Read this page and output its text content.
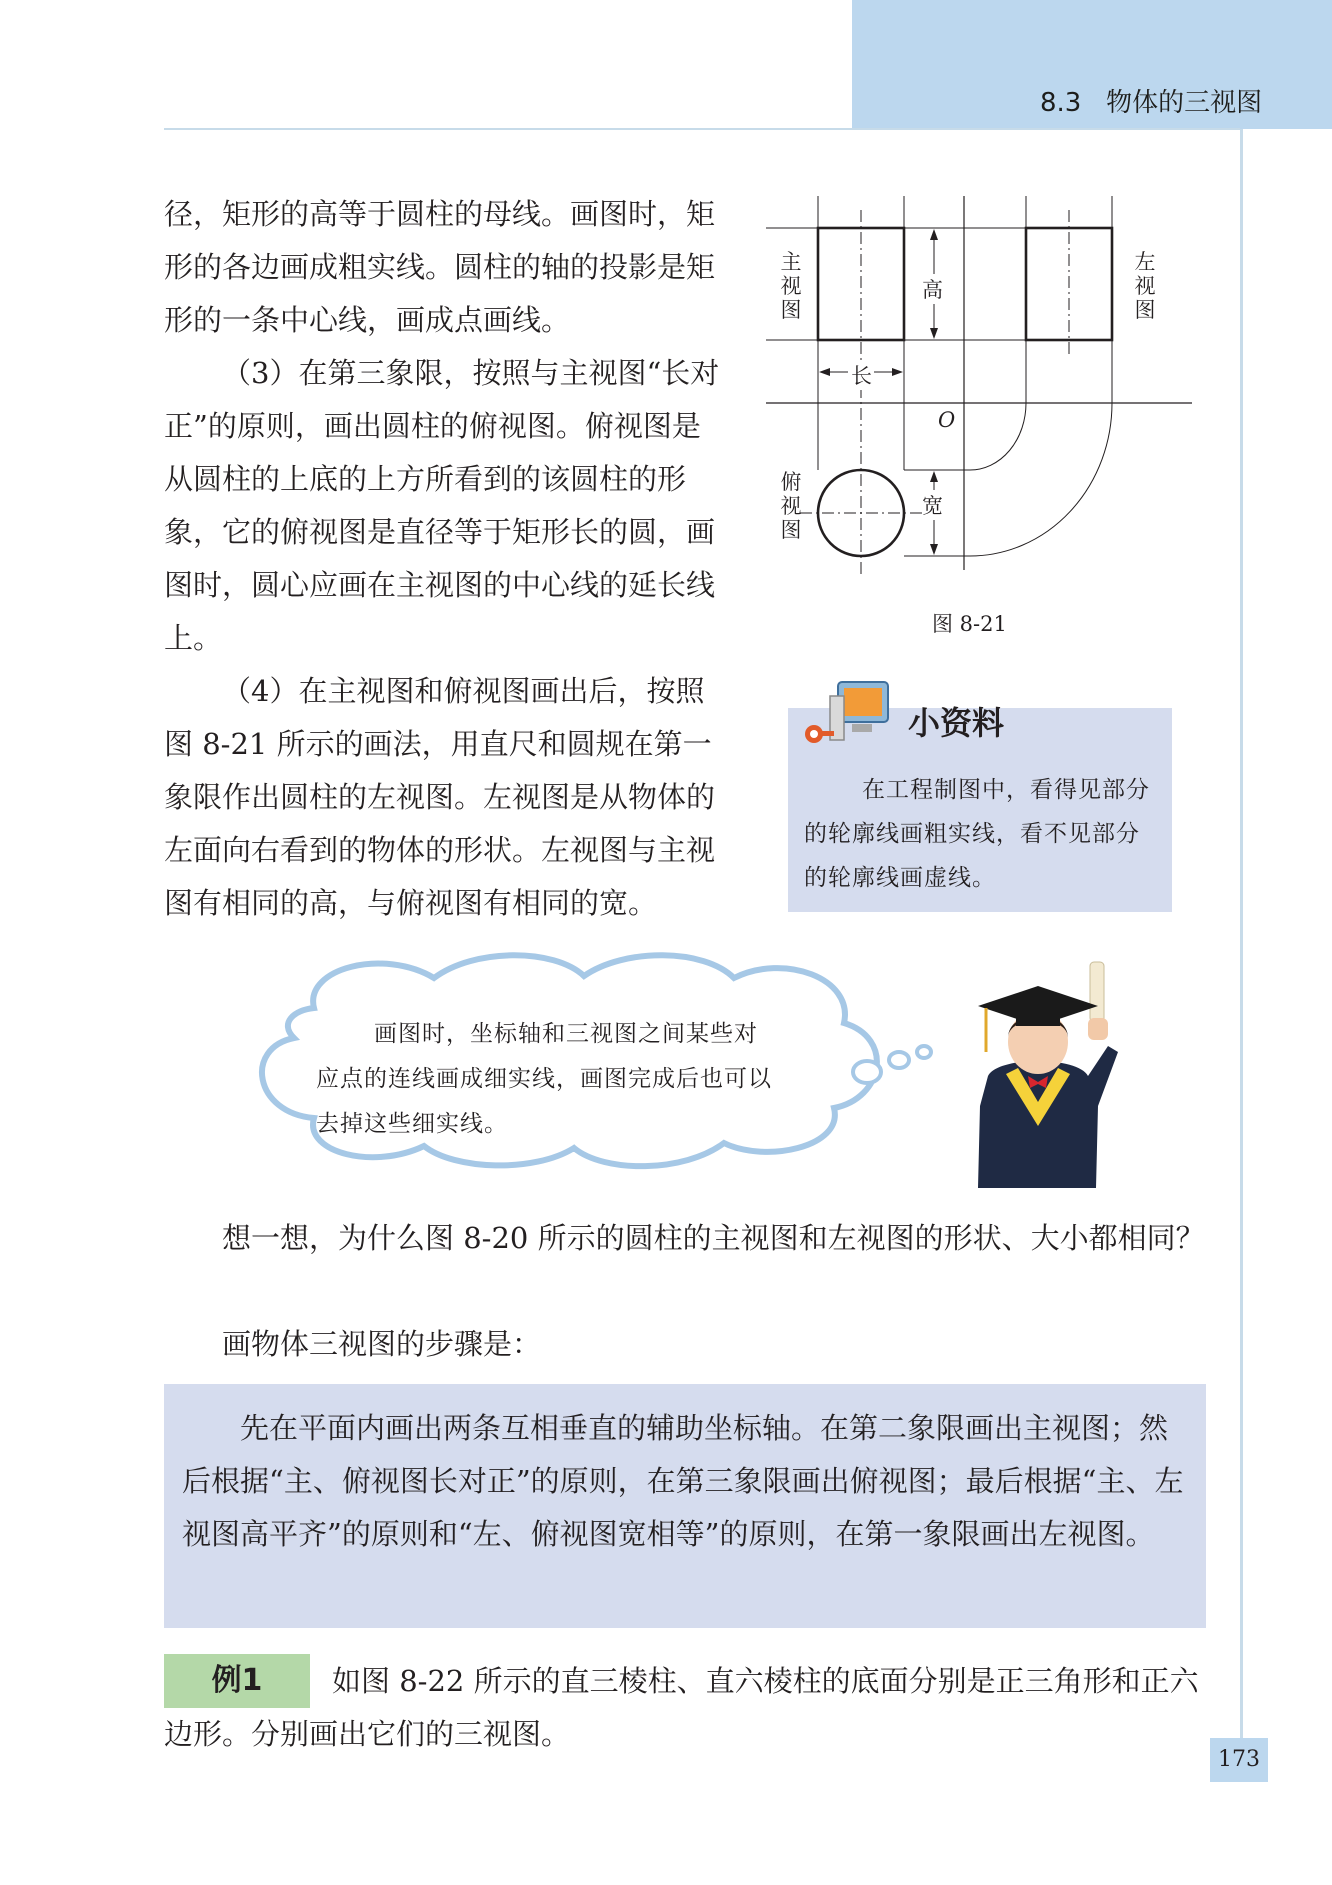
8.3   物体的三视图

径，矩形的高等于圆柱的母线。画图时，矩形的各边画成粗实线。圆柱的轴的投影是矩形的一条中心线，画成点画线。

（3）在第三象限，按照与主视图“长对正”的原则，画出圆柱的俯视图。俯视图是从圆柱的上底的上方所看到的该圆柱的形象，它的俯视图是直径等于矩形长的圆，画图时，圆心应画在主视图的中心线的延长线上。

（4）在主视图和俯视图画出后，按照图 8-21 所示的画法，用直尺和圆规在第一象限作出圆柱的左视图。左视图是从物体的左面向右看到的物体的形状。左视图与主视图有相同的高，与俯视图有相同的宽。

主视图
左视图
俯视图
高
长
宽
O
图 8-21
小资料

在工程制图中，看得见部分的轮廓线画粗实线，看不见部分的轮廓线画虚线。

画图时，坐标轴和三视图之间某些对应点的连线画成细实线，画图完成后也可以去掉这些细实线。

想一想，为什么图 8-20 所示的圆柱的主视图和左视图的形状、大小都相同？

画物体三视图的步骤是：

先在平面内画出两条互相垂直的辅助坐标轴。在第二象限画出主视图；然后根据“主、俯视图长对正”的原则，在第三象限画出俯视图；最后根据“主、左视图高平齐”的原则和“左、俯视图宽相等”的原则，在第一象限画出左视图。

例1	如图 8-22 所示的直三棱柱、直六棱柱的底面分别是正三角形和正六边形。分别画出它们的三视图。
173
